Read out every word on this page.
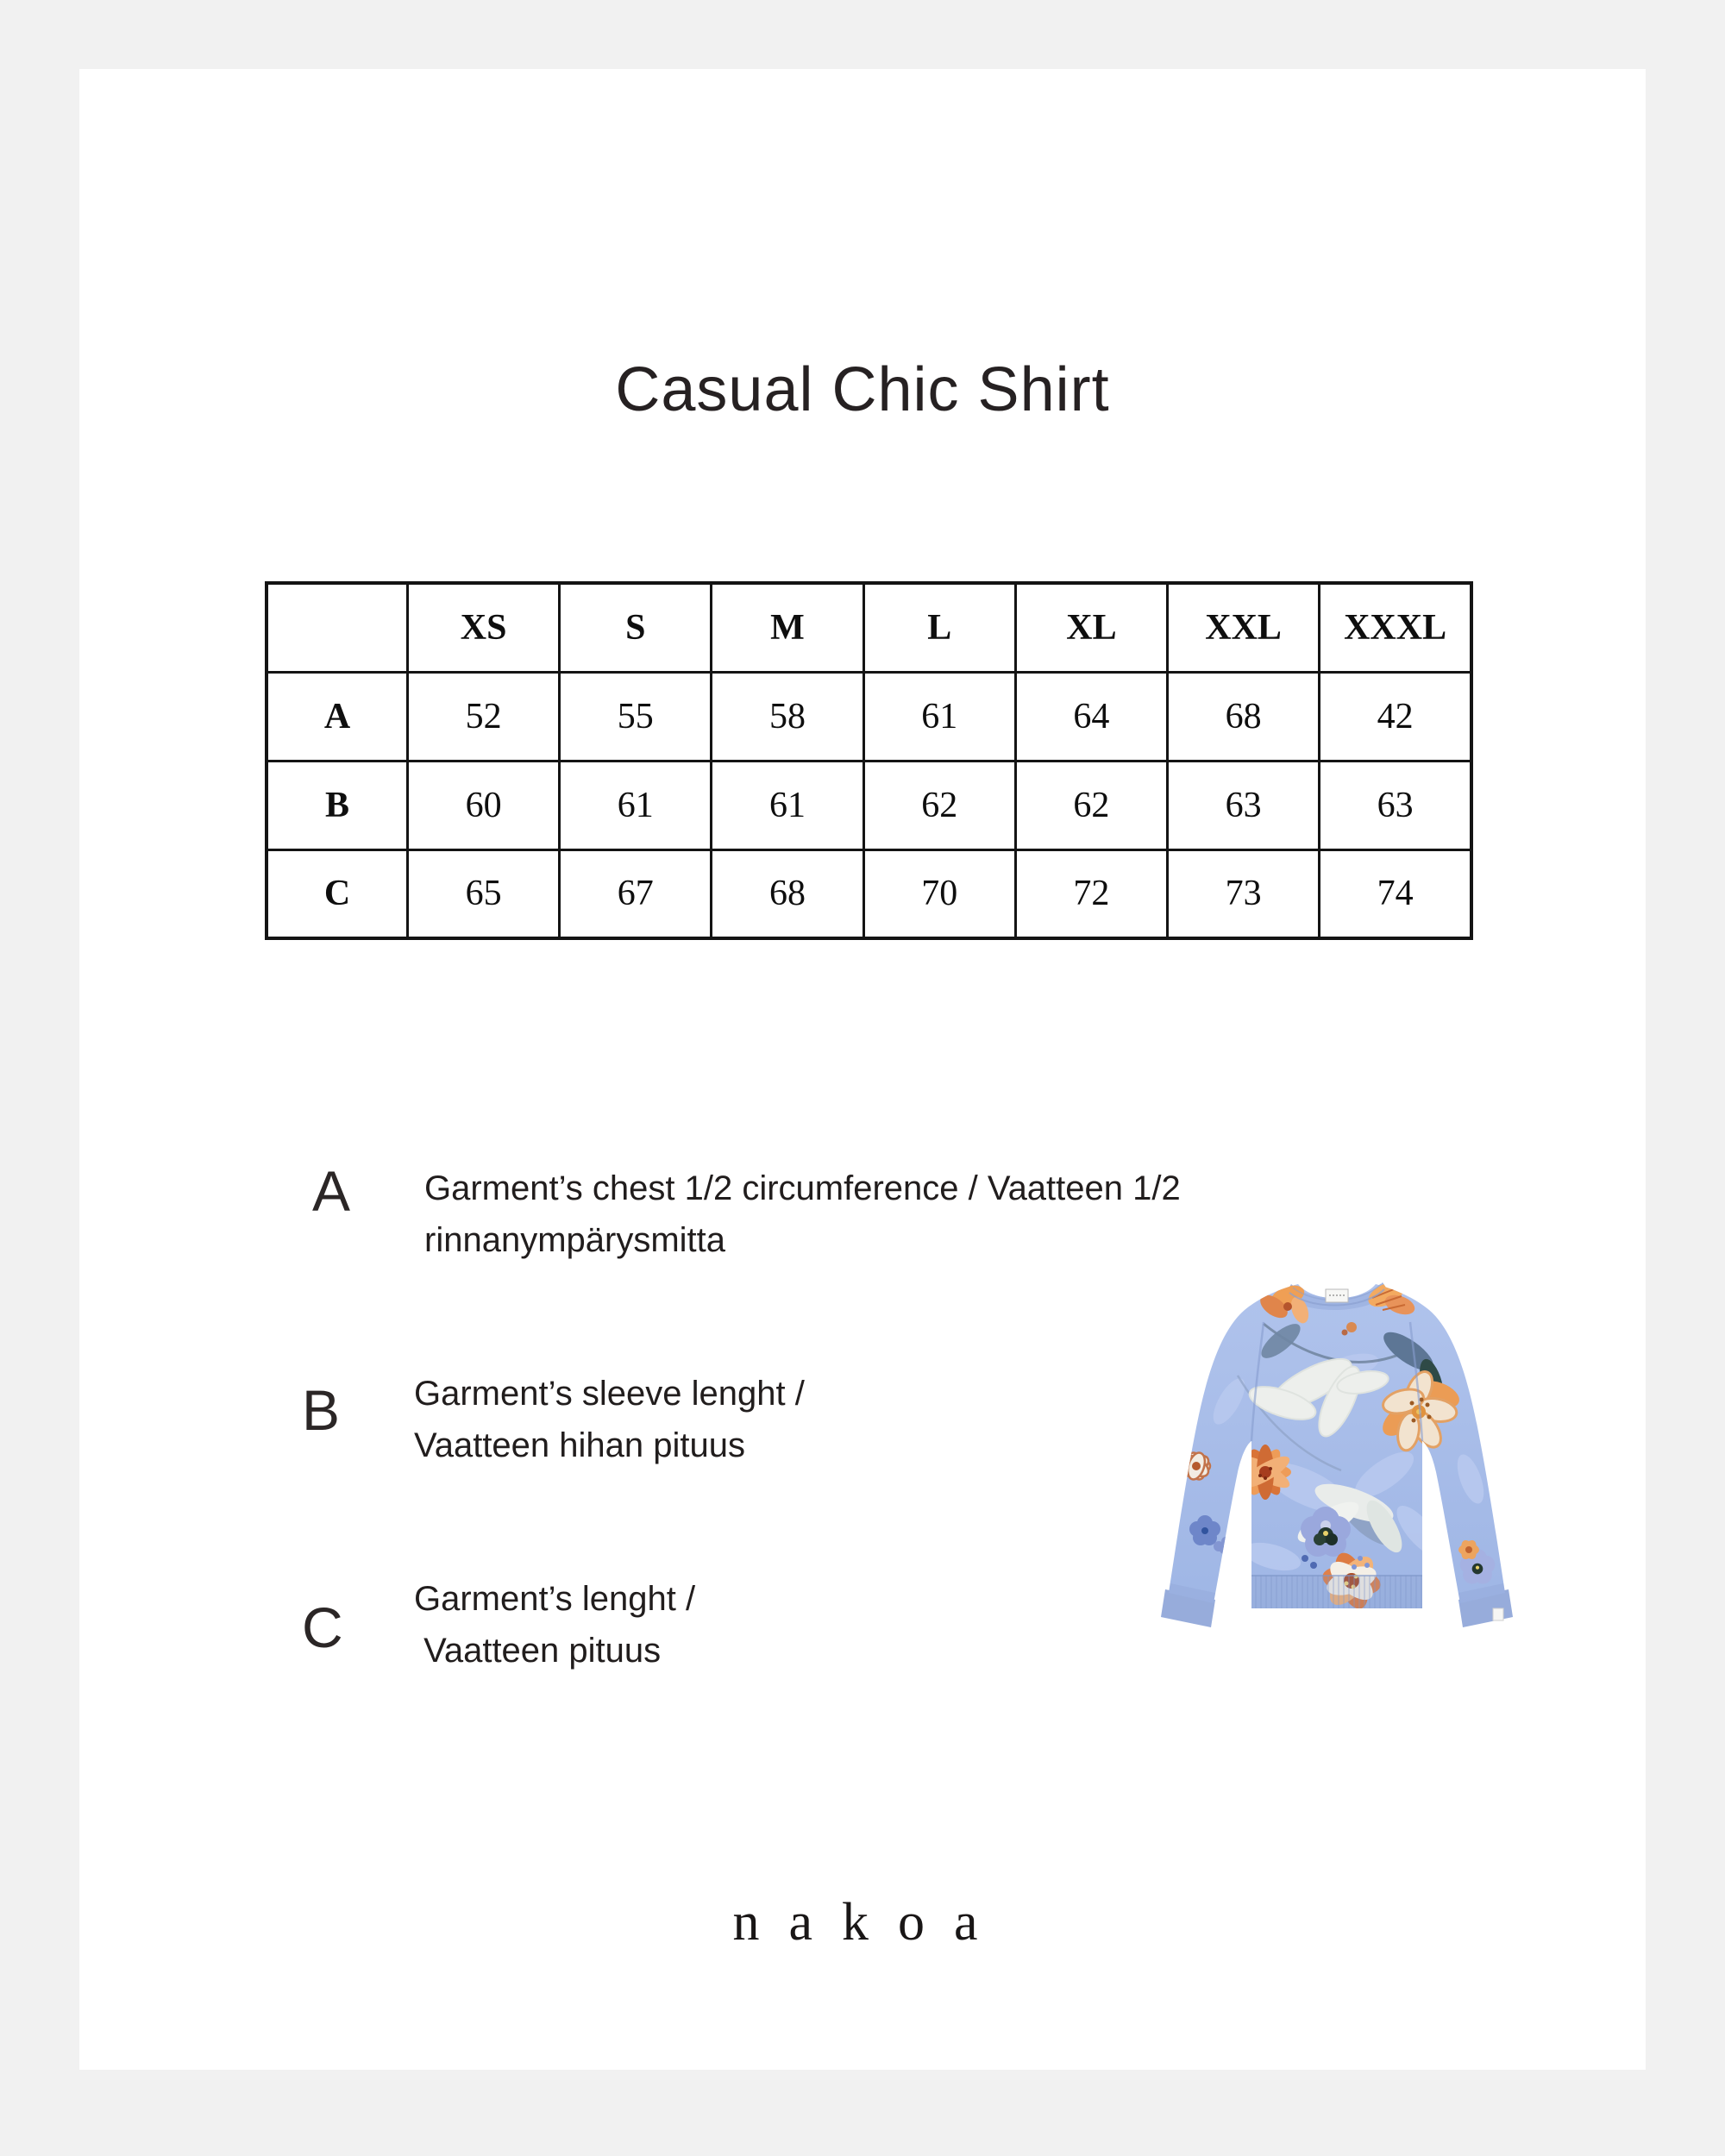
Casual Chic Shirt
	XS	S	M	L	XL	XXL	XXXL
A	52	55	58	61	64	68	42
B	60	61	61	62	62	63	63
C	65	67	68	70	72	73	74
A	Garment’s chest 1/2 circumference / Vaatteen 1/2
rinnanympärysmitta
B	Garment’s sleeve lenght /
Vaatteen hihan pituus
C	Garment’s lenght /
Vaatteen pituus
nakoa
